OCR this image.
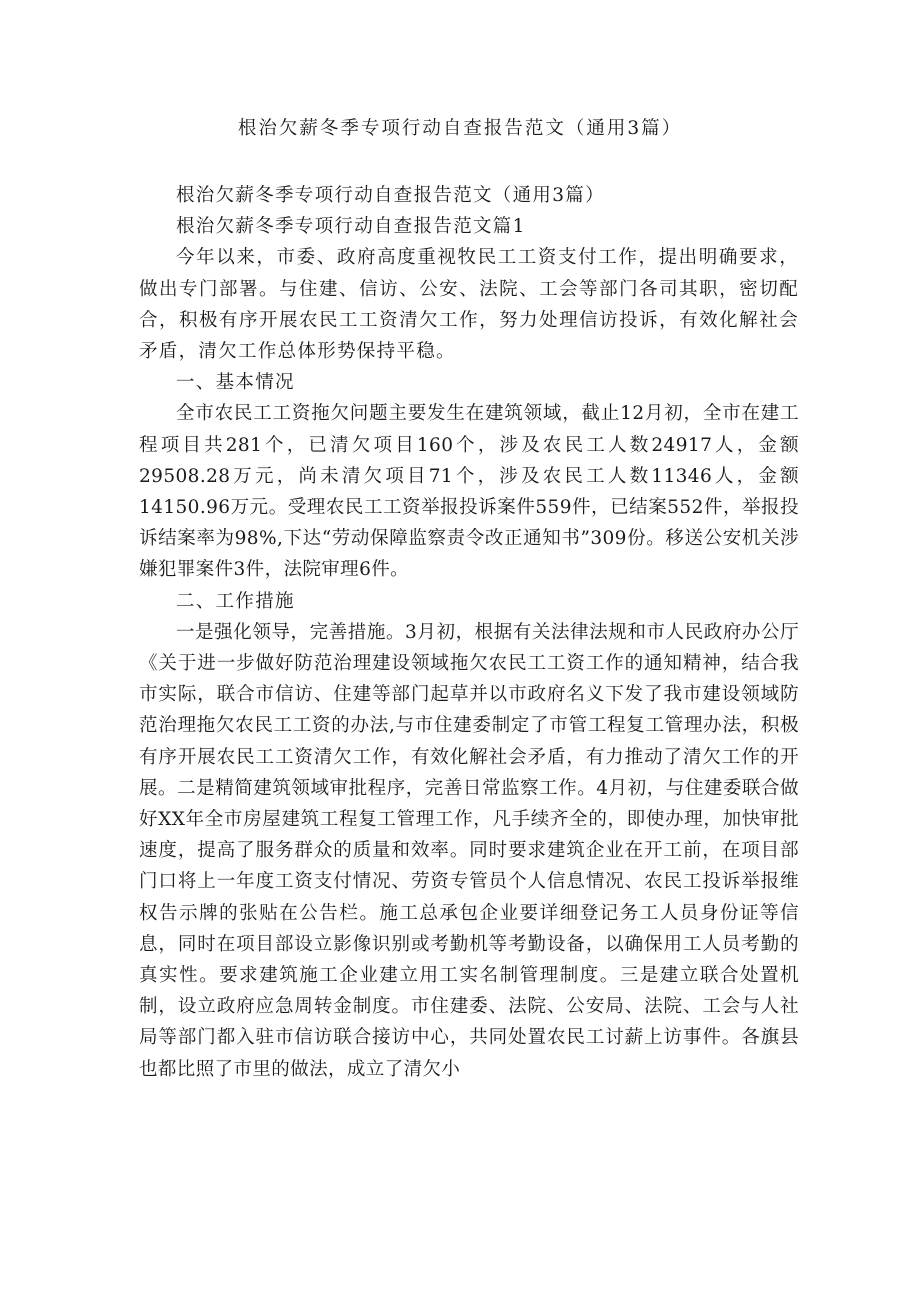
根治欠薪冬季专项行动自查报告范文（通用3篇）

根治欠薪冬季专项行动自查报告范文（通用3篇）

根治欠薪冬季专项行动自查报告范文篇1

今年以来，市委、政府高度重视牧民工工资支付工作，提出明确要求，做出专门部署。与住建、信访、公安、法院、工会等部门各司其职，密切配合，积极有序开展农民工工资清欠工作，努力处理信访投诉，有效化解社会矛盾，清欠工作总体形势保持平稳。

一、基本情况

全市农民工工资拖欠问题主要发生在建筑领域，截止12月初，全市在建工程项目共281个，已清欠项目160个，涉及农民工人数24917人，金额29508.28万元，尚未清欠项目71个，涉及农民工人数11346人，金额14150.96万元。受理农民工工资举报投诉案件559件，已结案552件，举报投诉结案率为98%,下达“劳动保障监察责令改正通知书”309份。移送公安机关涉嫌犯罪案件3件，法院审理6件。

二、工作措施

一是强化领导，完善措施。3月初，根据有关法律法规和市人民政府办公厅《关于进一步做好防范治理建设领域拖欠农民工工资工作的通知精神，结合我市实际，联合市信访、住建等部门起草并以市政府名义下发了我市建设领域防范治理拖欠农民工工资的办法,与市住建委制定了市管工程复工管理办法，积极有序开展农民工工资清欠工作，有效化解社会矛盾，有力推动了清欠工作的开展。二是精简建筑领域审批程序，完善日常监察工作。4月初，与住建委联合做好XX年全市房屋建筑工程复工管理工作，凡手续齐全的，即使办理，加快审批速度，提高了服务群众的质量和效率。同时要求建筑企业在开工前，在项目部门口将上一年度工资支付情况、劳资专管员个人信息情况、农民工投诉举报维权告示牌的张贴在公告栏。施工总承包企业要详细登记务工人员身份证等信息，同时在项目部设立影像识别或考勤机等考勤设备，以确保用工人员考勤的真实性。要求建筑施工企业建立用工实名制管理制度。三是建立联合处置机制，设立政府应急周转金制度。市住建委、法院、公安局、法院、工会与人社局等部门都入驻市信访联合接访中心，共同处置农民工讨薪上访事件。各旗县也都比照了市里的做法，成立了清欠小
